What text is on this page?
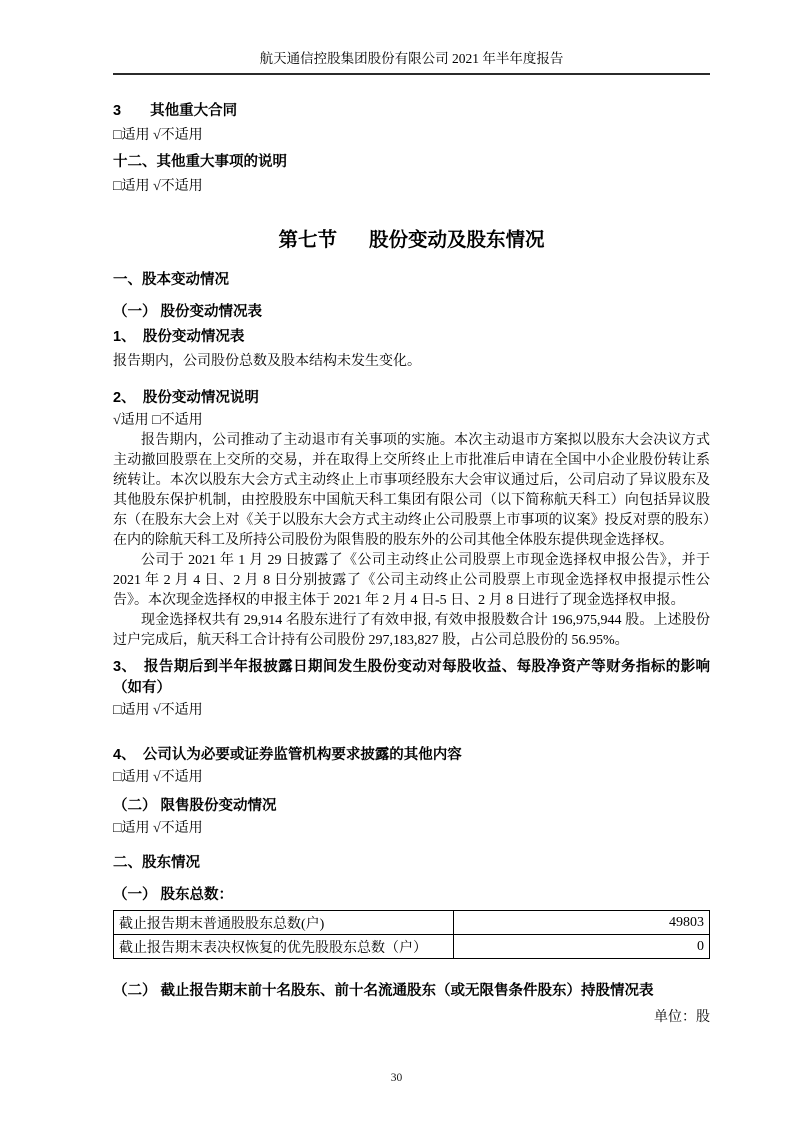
航天通信控股集团股份有限公司 2021 年半年度报告
3　　其他重大合同
□适用 √不适用
十二、其他重大事项的说明
□适用 √不适用
第七节 股份变动及股东情况
一、股本变动情况
（一） 股份变动情况表
1、　股份变动情况表
报告期内，公司股份总数及股本结构未发生变化。
2、　股份变动情况说明
√适用 □不适用
报告期内，公司推动了主动退市有关事项的实施。本次主动退市方案拟以股东大会决议方式主动撤回股票在上交所的交易，并在取得上交所终止上市批准后申请在全国中小企业股份转让系统转让。本次以股东大会方式主动终止上市事项经股东大会审议通过后，公司启动了异议股东及其他股东保护机制，由控股股东中国航天科工集团有限公司（以下简称航天科工）向包括异议股东（在股东大会上对《关于以股东大会方式主动终止公司股票上市事项的议案》投反对票的股东）在内的除航天科工及所持公司股份为限售股的股东外的公司其他全体股东提供现金选择权。
公司于 2021 年 1 月 29 日披露了《公司主动终止公司股票上市现金选择权申报公告》，并于2021 年 2 月 4 日、2 月 8 日分别披露了《公司主动终止公司股票上市现金选择权申报提示性公告》。本次现金选择权的申报主体于 2021 年 2 月 4 日-5 日、2 月 8 日进行了现金选择权申报。
现金选择权共有 29,914 名股东进行了有效申报, 有效申报股数合计 196,975,944 股。上述股份过户完成后，航天科工合计持有公司股份 297,183,827 股，占公司总股份的 56.95%。
3、　报告期后到半年报披露日期间发生股份变动对每股收益、每股净资产等财务指标的影响（如有）
□适用 √不适用
4、　公司认为必要或证券监管机构要求披露的其他内容
□适用 √不适用
（二） 限售股份变动情况
□适用 √不适用
二、股东情况
（一） 股东总数：
截止报告期末普通股股东总数(户)	49803
截止报告期末表决权恢复的优先股股东总数（户）	0
（二） 截止报告期末前十名股东、前十名流通股东（或无限售条件股东）持股情况表
单位：股
30
